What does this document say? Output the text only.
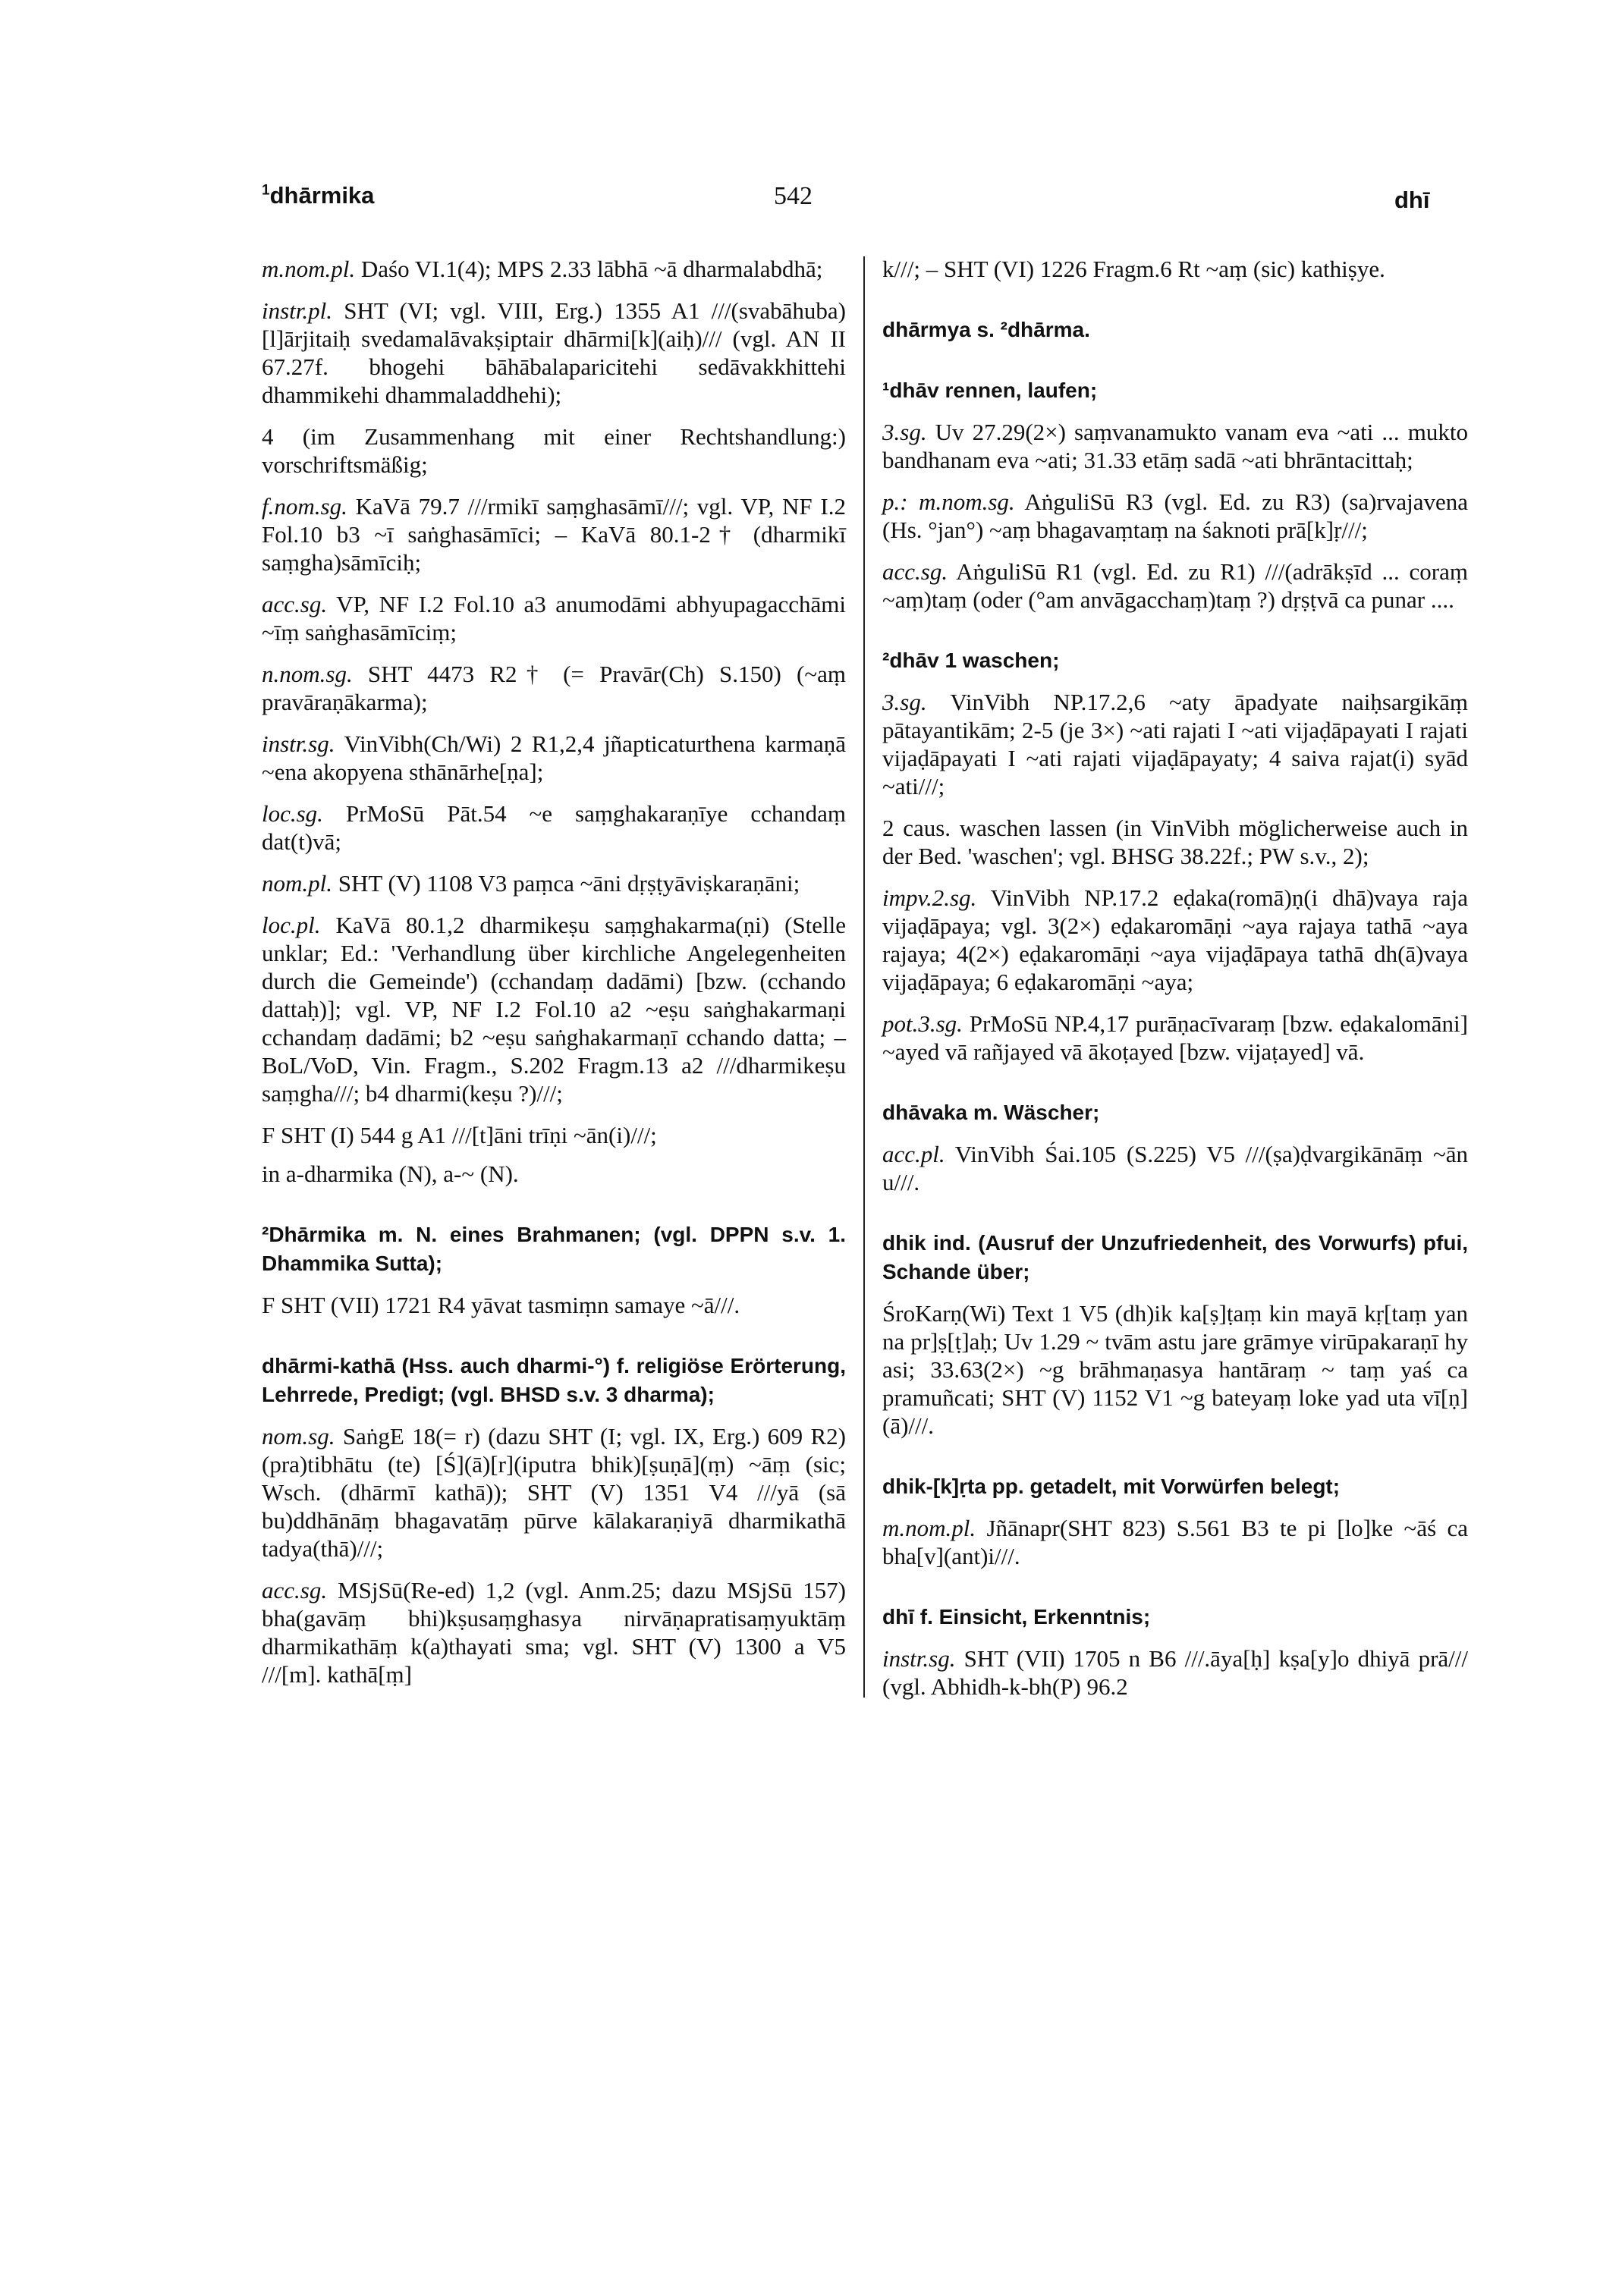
$^1$dhārmika	542	dhī

m.nom.pl. Daśo VI.1(4); MPS 2.33 lābhā ~ā dharmalabdhā;

instr.pl. SHT (VI; vgl. VIII, Erg.) 1355 A1 ///(svabāhuba)[l]ārjitaiḥ svedamalāvakṣiptair dhārmi[k](aiḥ)/// (vgl. AN II 67.27f. bhogehi bāhābalaparicitehi sedāvakkhittehi dhammikehi dhammaladdhehi);

4 (im Zusammenhang mit einer Rechtshandlung:) vorschriftsmäßig;

f.nom.sg. KaVā 79.7 ///rmikī saṃghasāmī///; vgl. VP, NF I.2 Fol.10 b3 ~ī saṅghasāmīci; – KaVā 80.1-2† (dharmikī saṃgha)sāmīciḥ;

acc.sg. VP, NF I.2 Fol.10 a3 anumodāmi abhyupagacchāmi ~īṃ saṅghasāmīciṃ;

n.nom.sg. SHT 4473 R2† (= Pravār(Ch) S.150) (~aṃ pravāraṇākarma);

instr.sg. VinVibh(Ch/Wi) 2 R1,2,4 jñapticaturthena karmaṇā ~ena akopyena sthānārhe[ṇa];

loc.sg. PrMoSū Pāt.54 ~e saṃghakaraṇīye cchandaṃ dat(t)vā;

nom.pl. SHT (V) 1108 V3 paṃca ~āni dṛṣṭyāviṣkaraṇāni;

loc.pl. KaVā 80.1,2 dharmikeṣu saṃghakarma(ṇi) (Stelle unklar; Ed.: 'Verhandlung über kirchliche Angelegenheiten durch die Gemeinde') (cchandaṃ dadāmi) [bzw. (cchando dattaḥ)]; vgl. VP, NF I.2 Fol.10 a2 ~eṣu saṅghakarmaṇi cchandaṃ dadāmi; b2 ~eṣu saṅghakarmaṇī cchando datta; – BoL/VoD, Vin. Fragm., S.202 Fragm.13 a2 ///dharmikeṣu saṃgha///; b4 dharmi(keṣu ?)///;

F SHT (I) 544 g A1 ///[t]āni trīṇi ~ān(i)///;

in a-dharmika (N), a-~ (N).

²Dhārmika m. N. eines Brahmanen; (vgl. DPPN s.v. 1. Dhammika Sutta);

F SHT (VII) 1721 R4 yāvat tasmiṃn samaye ~ā///.

dhārmi-kathā (Hss. auch dharmi-°) f. religiöse Erörterung, Lehrrede, Predigt; (vgl. BHSD s.v. 3 dharma);

nom.sg. SaṅgE 18(= r) (dazu SHT (I; vgl. IX, Erg.) 609 R2) (pra)tibhātu (te) [Ś](ā)[r](iputra bhik)[ṣuṇā](ṃ) ~āṃ (sic; Wsch. (dhārmī kathā)); SHT (V) 1351 V4 ///yā (sā bu)ddhānāṃ bhagavatāṃ pūrve kālakaraṇiyā dharmikathā tadya(thā)///;

acc.sg. MSjSū(Re-ed) 1,2 (vgl. Anm.25; dazu MSjSū 157) bha(gavāṃ bhi)kṣusaṃghasya nirvāṇapratisaṃyuktāṃ dharmikathāṃ k(a)thayati sma; vgl. SHT (V) 1300 a V5 ///[m]. kathā[ṃ]

k///; – SHT (VI) 1226 Fragm.6 Rt ~aṃ (sic) kathiṣye.

dhārmya s. ²dhārma.

¹dhāv rennen, laufen;

3.sg. Uv 27.29(2×) saṃvanamukto vanam eva ~ati ... mukto bandhanam eva ~ati; 31.33 etāṃ sadā ~ati bhrāntacittaḥ;

p.: m.nom.sg. AṅguliSū R3 (vgl. Ed. zu R3) (sa)rvajavena (Hs. °jan°) ~aṃ bhagavaṃtaṃ na śaknoti prā[k]ṛ///;

acc.sg. AṅguliSū R1 (vgl. Ed. zu R1) ///(adrākṣīd ... coraṃ ~aṃ)taṃ (oder (°am anvāgacchaṃ)taṃ ?) dṛṣṭvā ca punar ....

²dhāv 1 waschen;

3.sg. VinVibh NP.17.2,6 ~aty āpadyate naiḥsargikāṃ pātayantikām; 2-5 (je 3×) ~ati rajati I ~ati vijaḍāpayati I rajati vijaḍāpayati I ~ati rajati vijaḍāpayaty; 4 saiva rajat(i) syād ~ati///;

2 caus. waschen lassen (in VinVibh möglicherweise auch in der Bed. 'waschen'; vgl. BHSG 38.22f.; PW s.v., 2);

impv.2.sg. VinVibh NP.17.2 eḍaka(romā)ṇ(i dhā)vaya raja vijaḍāpaya; vgl. 3(2×) eḍakaromāṇi ~aya rajaya tathā ~aya rajaya; 4(2×) eḍakaromāṇi ~aya vijaḍāpaya tathā dh(ā)vaya vijaḍāpaya; 6 eḍakaromāṇi ~aya;

pot.3.sg. PrMoSū NP.4,17 purāṇacīvaraṃ [bzw. eḍakalomāni] ~ayed vā rañjayed vā ākoṭayed [bzw. vijaṭayed] vā.

dhāvaka m. Wäscher;

acc.pl. VinVibh Śai.105 (S.225) V5 ///(ṣa)ḍvargikānāṃ ~ān u///.

dhik ind. (Ausruf der Unzufriedenheit, des Vorwurfs) pfui, Schande über;

ŚroKarṇ(Wi) Text 1 V5 (dh)ik ka[ṣ]ṭaṃ kin mayā kṛ[taṃ yan na pr]ṣ[ṭ]aḥ; Uv 1.29 ~ tvām astu jare grāmye virūpakaraṇī hy asi; 33.63(2×) ~g brāhmaṇasya hantāraṃ ~ taṃ yaś ca pramuñcati; SHT (V) 1152 V1 ~g bateyaṃ loke yad uta vī[ṇ](ā)///.

dhik-[k]ṛta pp. getadelt, mit Vorwürfen belegt;

m.nom.pl. Jñānapr(SHT 823) S.561 B3 te pi [lo]ke ~āś ca bha[v](ant)i///.

dhī f. Einsicht, Erkenntnis;

instr.sg. SHT (VII) 1705 n B6 ///.āya[ḥ] kṣa[y]o dhiyā prā/// (vgl. Abhidh-k-bh(P) 96.2
